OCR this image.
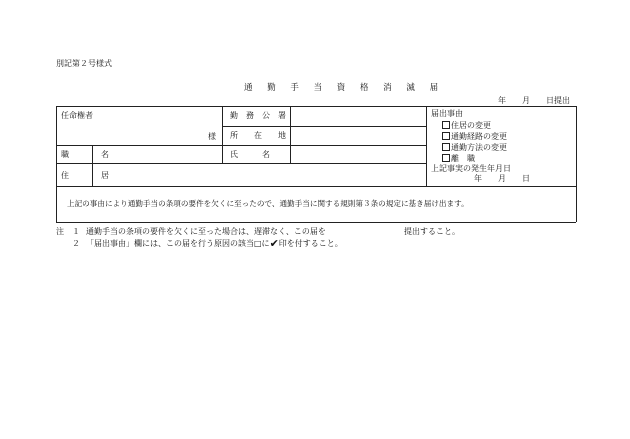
別記第２号様式
通 勤 手 当 資 格 消 滅 届
年　　月　　日提出
任命権者
様
勤　務　公　署
所　　在　　地
職　名	氏　　　名
住　居
届出事由
住居の変更
通勤経路の変更
通勤方法の変更
離　職
上記事実の発生年月日
年　　月　　日
上記の事由により通勤手当の条項の要件を欠くに至ったので、通勤手当に関する規則第３条の規定に基き届け出ます。
注 １ 通勤手当の条項の要件を欠くに至った場合は、遅滞なく、この届を	提出すること。
２ 「届出事由」欄には、この届を行う原因の該当□に✔印を付すること。
